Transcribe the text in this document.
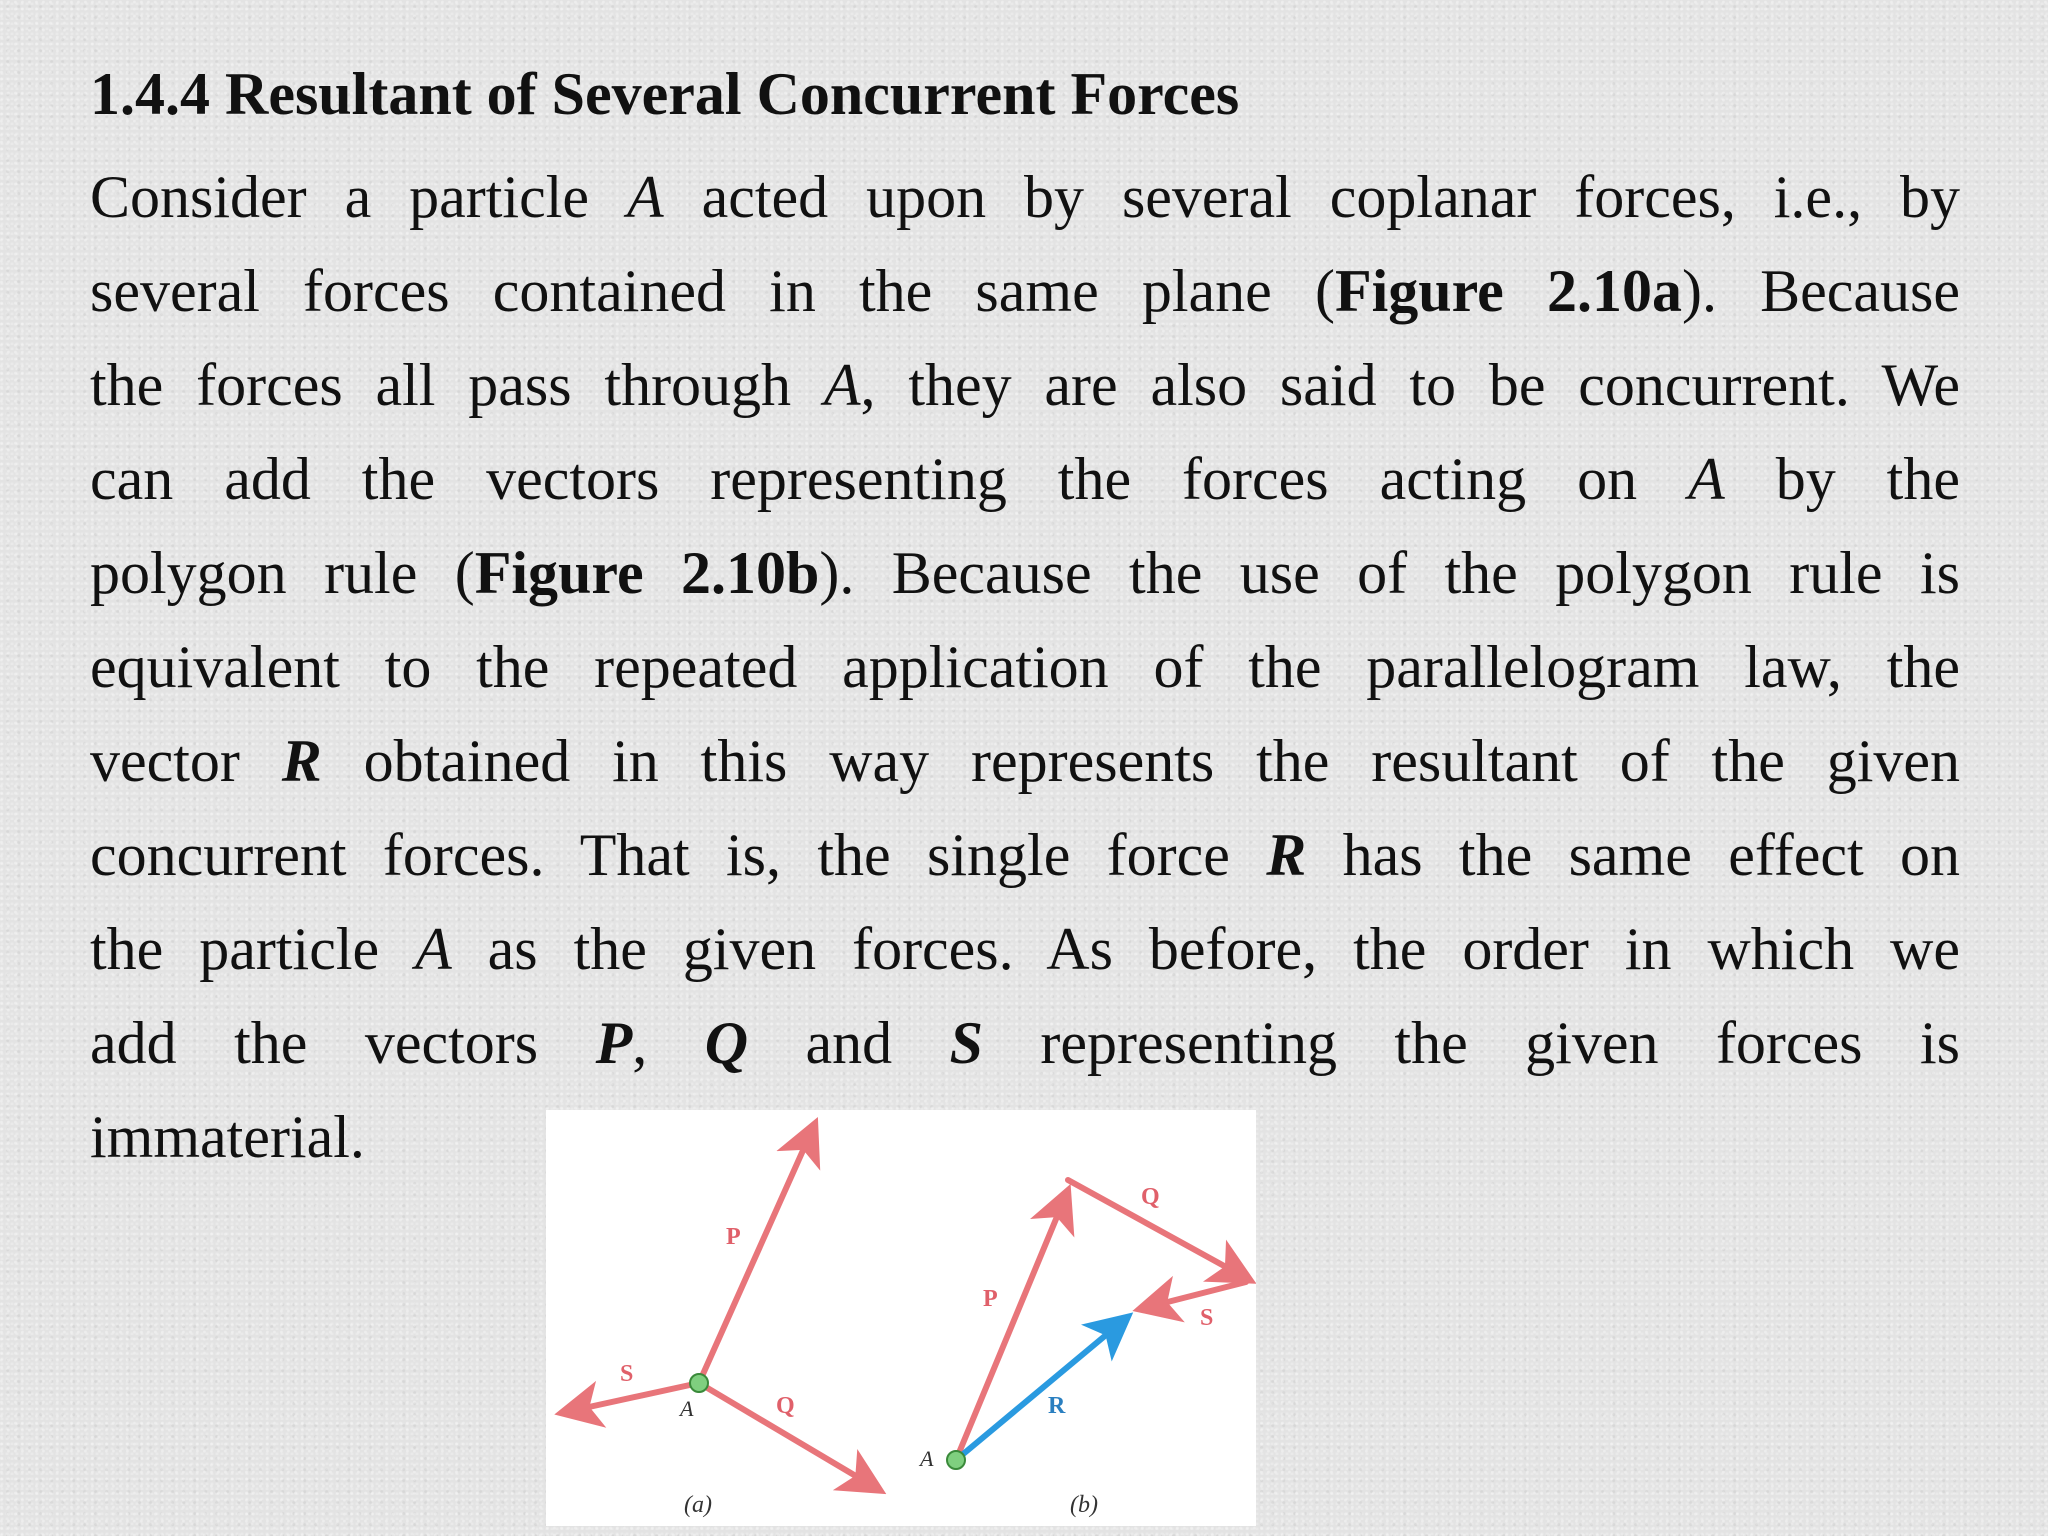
1.4.4 Resultant of Several Concurrent Forces
Consider a particle A acted upon by several coplanar forces, i.e., by
several forces contained in the same plane (Figure 2.10a). Because
the forces all pass through A, they are also said to be concurrent. We
can add the vectors representing the forces acting on A by the
polygon rule (Figure 2.10b). Because the use of the polygon rule is
equivalent to the repeated application of the parallelogram law, the
vector R obtained in this way represents the resultant of the given
concurrent forces. That is, the single force R has the same effect on
the particle A as the given forces. As before, the order in which we
add the vectors P, Q and S representing the given forces is
immaterial.
P
S
Q
A
(a)
P
Q
S
R
A
(b)
